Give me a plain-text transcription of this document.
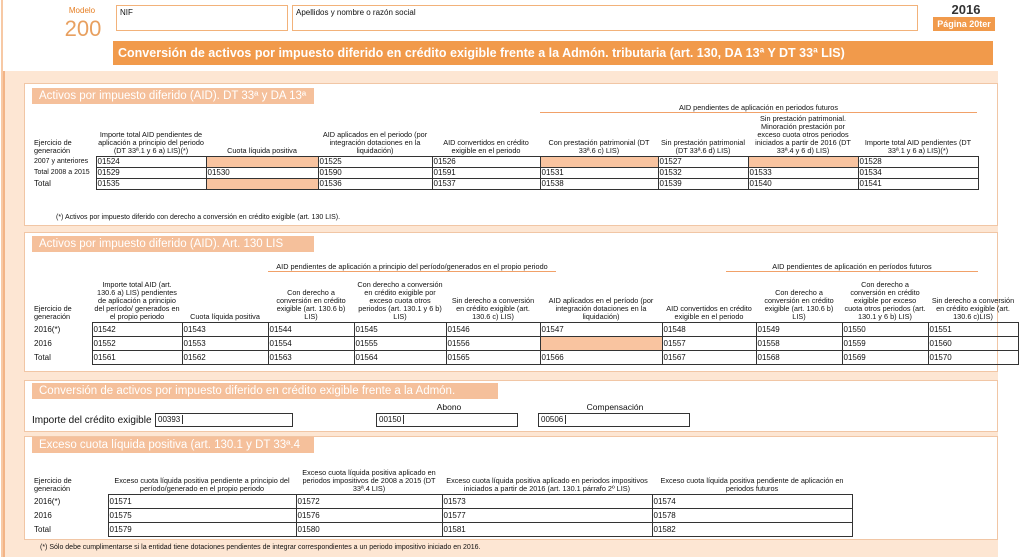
Modelo
200
NIF	Apellidos y nombre o razón social	2016
Página 20ter
Conversión de activos por impuesto diferido en crédito exigible frente a la Admón. tributaria (art. 130, DA 13ª Y DT 33ª LIS)
Activos por impuesto diferido (AID). DT 33ª y DA 13ª LIS	AID pendientes de aplicación en periodos futuros
Ejercicio de generación	Importe total AID pendientes de aplicación a principio del periodo (DT 33ª.1 y 6 a) LIS)(*)	Cuota líquida positiva	AID aplicados en el periodo (por integración dotaciones en la liquidación)	AID convertidos en crédito exigible en el periodo	Con prestación patrimonial (DT 33ª.6 c) LIS)	Sin prestación patrimonial (DT 33ª.6 d) LIS)	Sin prestación patrimonial. Minoración prestación por exceso cuota otros periodos iniciados a partir de 2016 (DT 33ª.4 y 6 d) LIS)	Importe total AID pendientes (DT 33ª.1 y 6 a) LIS)(*)
2007 y anteriores	01524		01525	01526		01527		01528
Total 2008 a 2015	01529	01530	01590	01591	01531	01532	01533	01534
Total	01535		01536	01537	01538	01539	01540	01541
(*) Activos por impuesto diferido con derecho a conversión en crédito exigible (art. 130 LIS).
Activos por impuesto diferido (AID). Art. 130 LIS
AID pendientes de aplicación a principio del período/generados en el propio periodo	AID pendientes de aplicación en períodos futuros
Ejercicio de generación	Importe total AID (art. 130.6 a) LIS) pendientes de aplicación a principio del período/ generados en el propio periodo	Cuota líquida positiva	Con derecho a conversión en crédito exigible (art. 130.6 b) LIS)	Con derecho a conversión en crédito exigible por exceso cuota otros periodos (art. 130.1 y 6 b) LIS)	Sin derecho a conversión en crédito exigible (art. 130.6 c) LIS)	AID aplicados en el período (por integración dotaciones en la liquidación)	AID convertidos en crédito exigible en el periodo	Con derecho a conversión en crédito exigible (art. 130.6 b) LIS)	Con derecho a conversión en crédito exigible por exceso cuota otros periodos (art. 130.1 y 6 b) LIS)	Sin derecho a conversión en crédito exigible (art. 130.6 c)LIS)
2016(*)	01542	01543	01544	01545	01546	01547	01548	01549	01550	01551
2016	01552	01553	01554	01555	01556		01557	01558	01559	01560
Total	01561	01562	01563	01564	01565	01566	01567	01568	01569	01570
Conversión de activos por impuesto diferido en crédito exigible frente a la Admón. tributaria
Importe del crédito exigible 00393
Abono
00150
Compensación
00506
Exceso cuota líquida positiva (art. 130.1 y DT 33ª.4 LIS)
Ejercicio de generación	Exceso cuota líquida positiva pendiente a principio del período/generado en el propio periodo	Exceso cuota líquida positiva aplicado en periodos impositivos de 2008 a 2015 (DT 33ª.4 LIS)	Exceso cuota líquida positiva aplicado en periodos impositivos iniciados a partir de 2016 (art. 130.1 párrafo 2º LIS)	Exceso cuota líquida positiva pendiente de aplicación en periodos futuros	
2016(*)	01571	01572	01573	01574	
2016	01575	01576	01577	01578	
Total	01579	01580	01581	01582	
(*) Sólo debe cumplimentarse si la entidad tiene dotaciones pendientes de integrar correspondientes a un periodo impositivo iniciado en 2016.
